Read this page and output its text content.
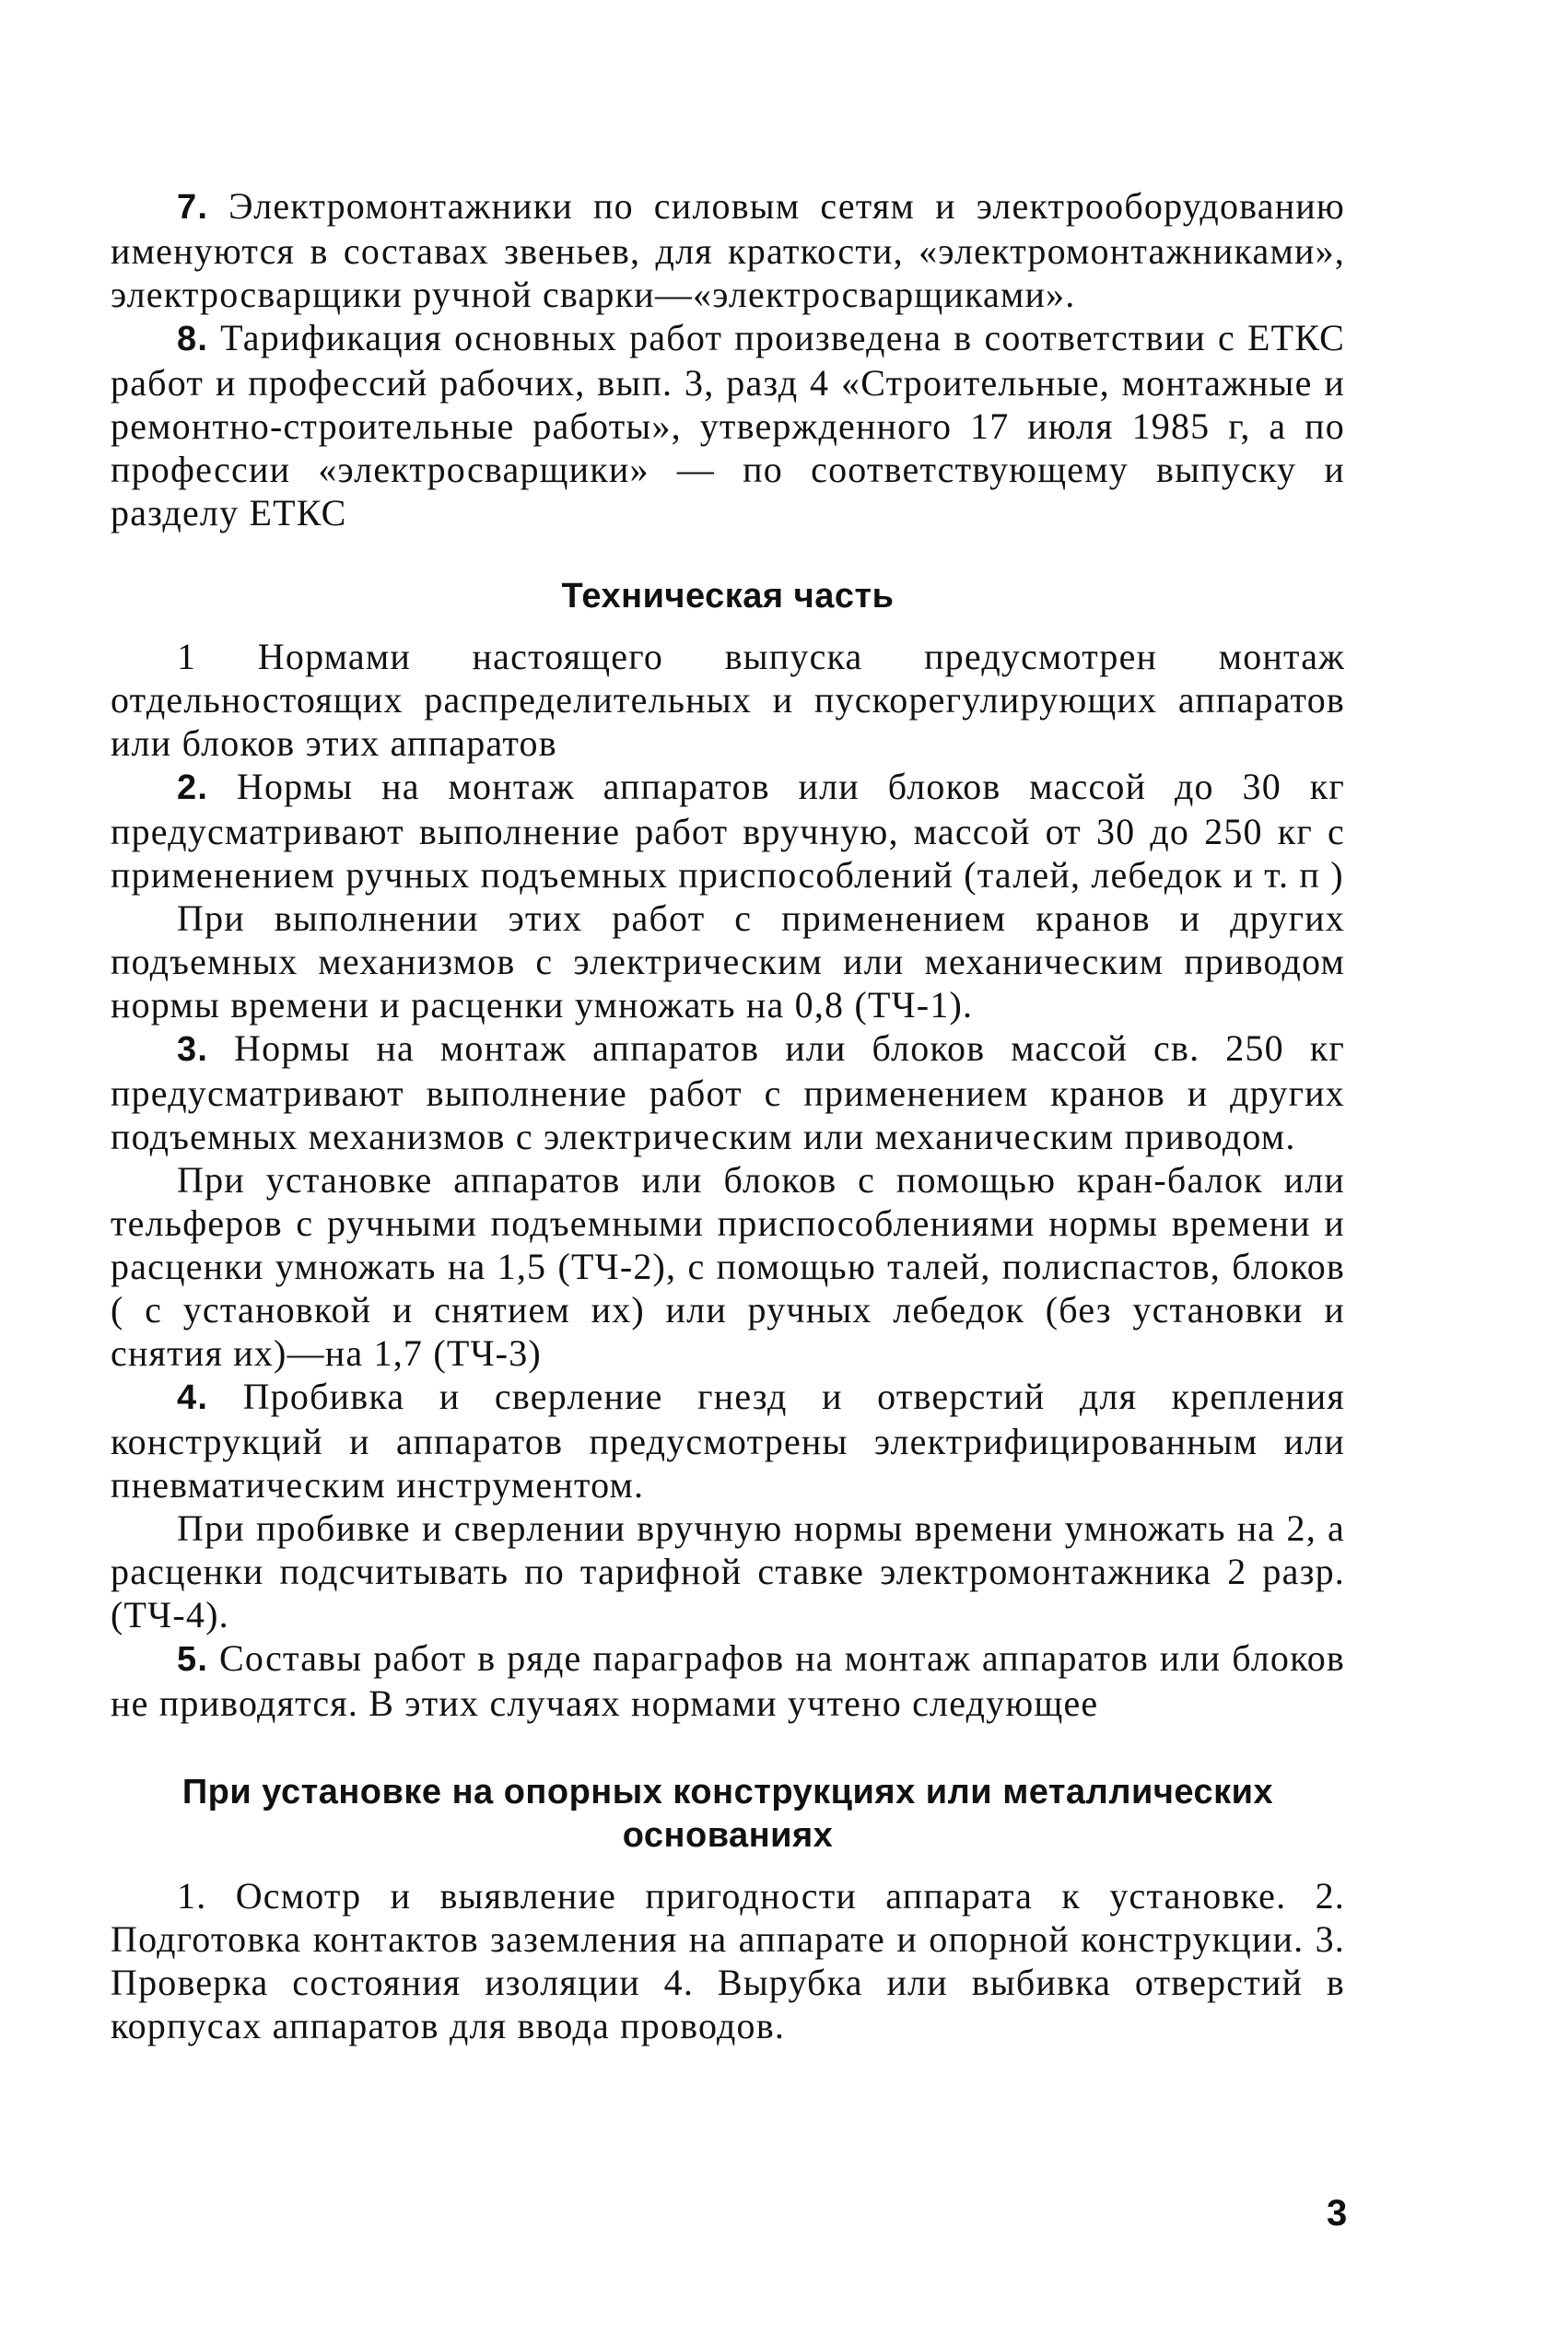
7. Электромонтажники по силовым сетям и электрооборудованию именуются в составах звеньев, для краткости, «электромонтажниками», электросварщики ручной сварки—«электросварщиками».

8. Тарификация основных работ произведена в соответствии с ЕТКС работ и профессий рабочих, вып. 3, разд 4 «Строительные, монтажные и ремонтно-строительные работы», утвержденного 17 июля 1985 г, а по профессии «электросварщики» — по соответствующему выпуску и разделу ЕТКС

Техническая часть

1 Нормами настоящего выпуска предусмотрен монтаж отдельностоящих распределительных и пускорегулирующих аппаратов или блоков этих аппаратов

2. Нормы на монтаж аппаратов или блоков массой до 30 кг предусматривают выполнение работ вручную, массой от 30 до 250 кг с применением ручных подъемных приспособлений (талей, лебедок и т. п )

При выполнении этих работ с применением кранов и других подъемных механизмов с электрическим или механическим приводом нормы времени и расценки умножать на 0,8 (ТЧ-1).

3. Нормы на монтаж аппаратов или блоков массой св. 250 кг предусматривают выполнение работ с применением кранов и других подъемных механизмов с электрическим или механическим приводом.

При установке аппаратов или блоков с помощью кран-балок или тельферов с ручными подъемными приспособлениями нормы времени и расценки умножать на 1,5 (ТЧ-2), с помощью талей, полиспастов, блоков ( с установкой и снятием их) или ручных лебедок (без установки и снятия их)—на 1,7 (ТЧ-3)

4. Пробивка и сверление гнезд и отверстий для крепления конструкций и аппаратов предусмотрены электрифицированным или пневматическим инструментом.

При пробивке и сверлении вручную нормы времени умножать на 2, а расценки подсчитывать по тарифной ставке электромонтажника 2 разр. (ТЧ-4).

5. Составы работ в ряде параграфов на монтаж аппаратов или блоков не приводятся. В этих случаях нормами учтено следующее

При установке на опорных конструкциях или металлических основаниях

1. Осмотр и выявление пригодности аппарата к установке. 2. Подготовка контактов заземления на аппарате и опорной конструкции. 3. Проверка состояния изоляции 4. Вырубка или выбивка отверстий в корпусах аппаратов для ввода проводов.

3
